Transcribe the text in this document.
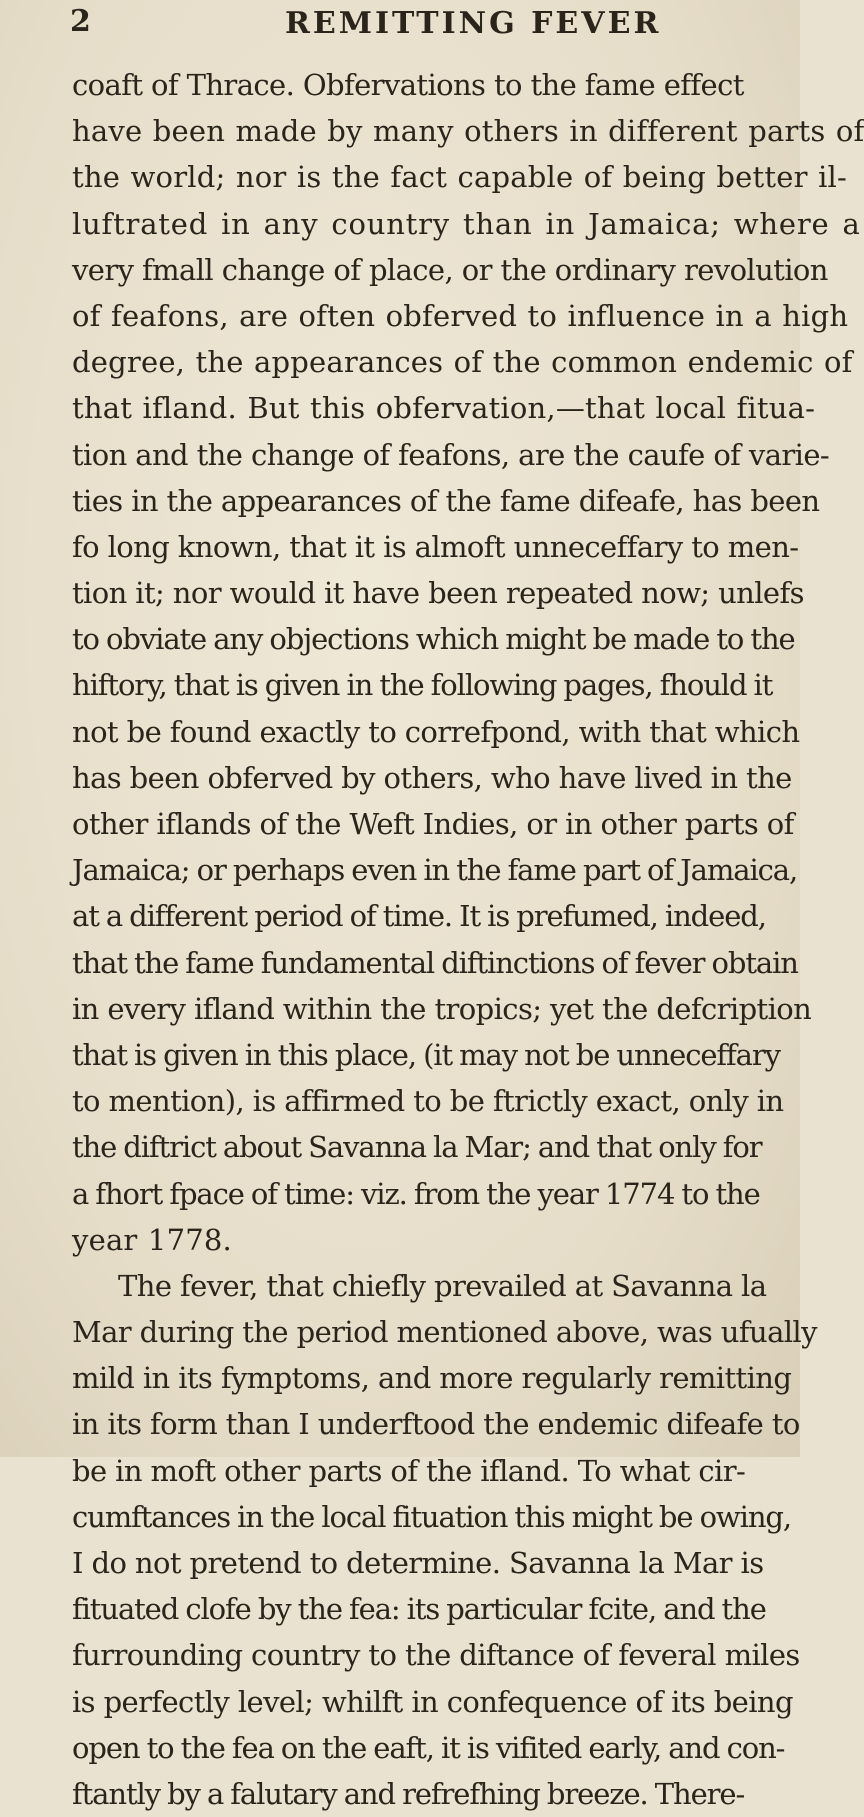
2	REMITTING FEVER
coaft of Thrace. Obfervations to the fame effect
have been made by many others in different parts of
the world; nor is the fact capable of being better il-
luftrated in any country than in Jamaica; where a
very fmall change of place, or the ordinary revolution
of feafons, are often obferved to influence in a high
degree, the appearances of the common endemic of
that ifland. But this obfervation,—that local fitua-
tion and the change of feafons, are the caufe of varie-
ties in the appearances of the fame difeafe, has been
fo long known, that it is almoft unneceffary to men-
tion it; nor would it have been repeated now; unlefs
to obviate any objections which might be made to the
hiftory, that is given in the following pages, fhould it
not be found exactly to correfpond, with that which
has been obferved by others, who have lived in the
other iflands of the Weft Indies, or in other parts of
Jamaica; or perhaps even in the fame part of Jamaica,
at a different period of time. It is prefumed, indeed,
that the fame fundamental diftinctions of fever obtain
in every ifland within the tropics; yet the defcription
that is given in this place, (it may not be unneceffary
to mention), is affirmed to be ftrictly exact, only in
the diftrict about Savanna la Mar; and that only for
a fhort fpace of time: viz. from the year 1774 to the
year 1778.
The fever, that chiefly prevailed at Savanna la
Mar during the period mentioned above, was ufually
mild in its fymptoms, and more regularly remitting
in its form than I underftood the endemic difeafe to
be in moft other parts of the ifland. To what cir-
cumftances in the local fituation this might be owing,
I do not pretend to determine. Savanna la Mar is
fituated clofe by the fea: its particular fcite, and the
furrounding country to the diftance of feveral miles
is perfectly level; whilft in confequence of its being
open to the fea on the eaft, it is vifited early, and con-
ftantly by a falutary and refrefhing breeze. There-
